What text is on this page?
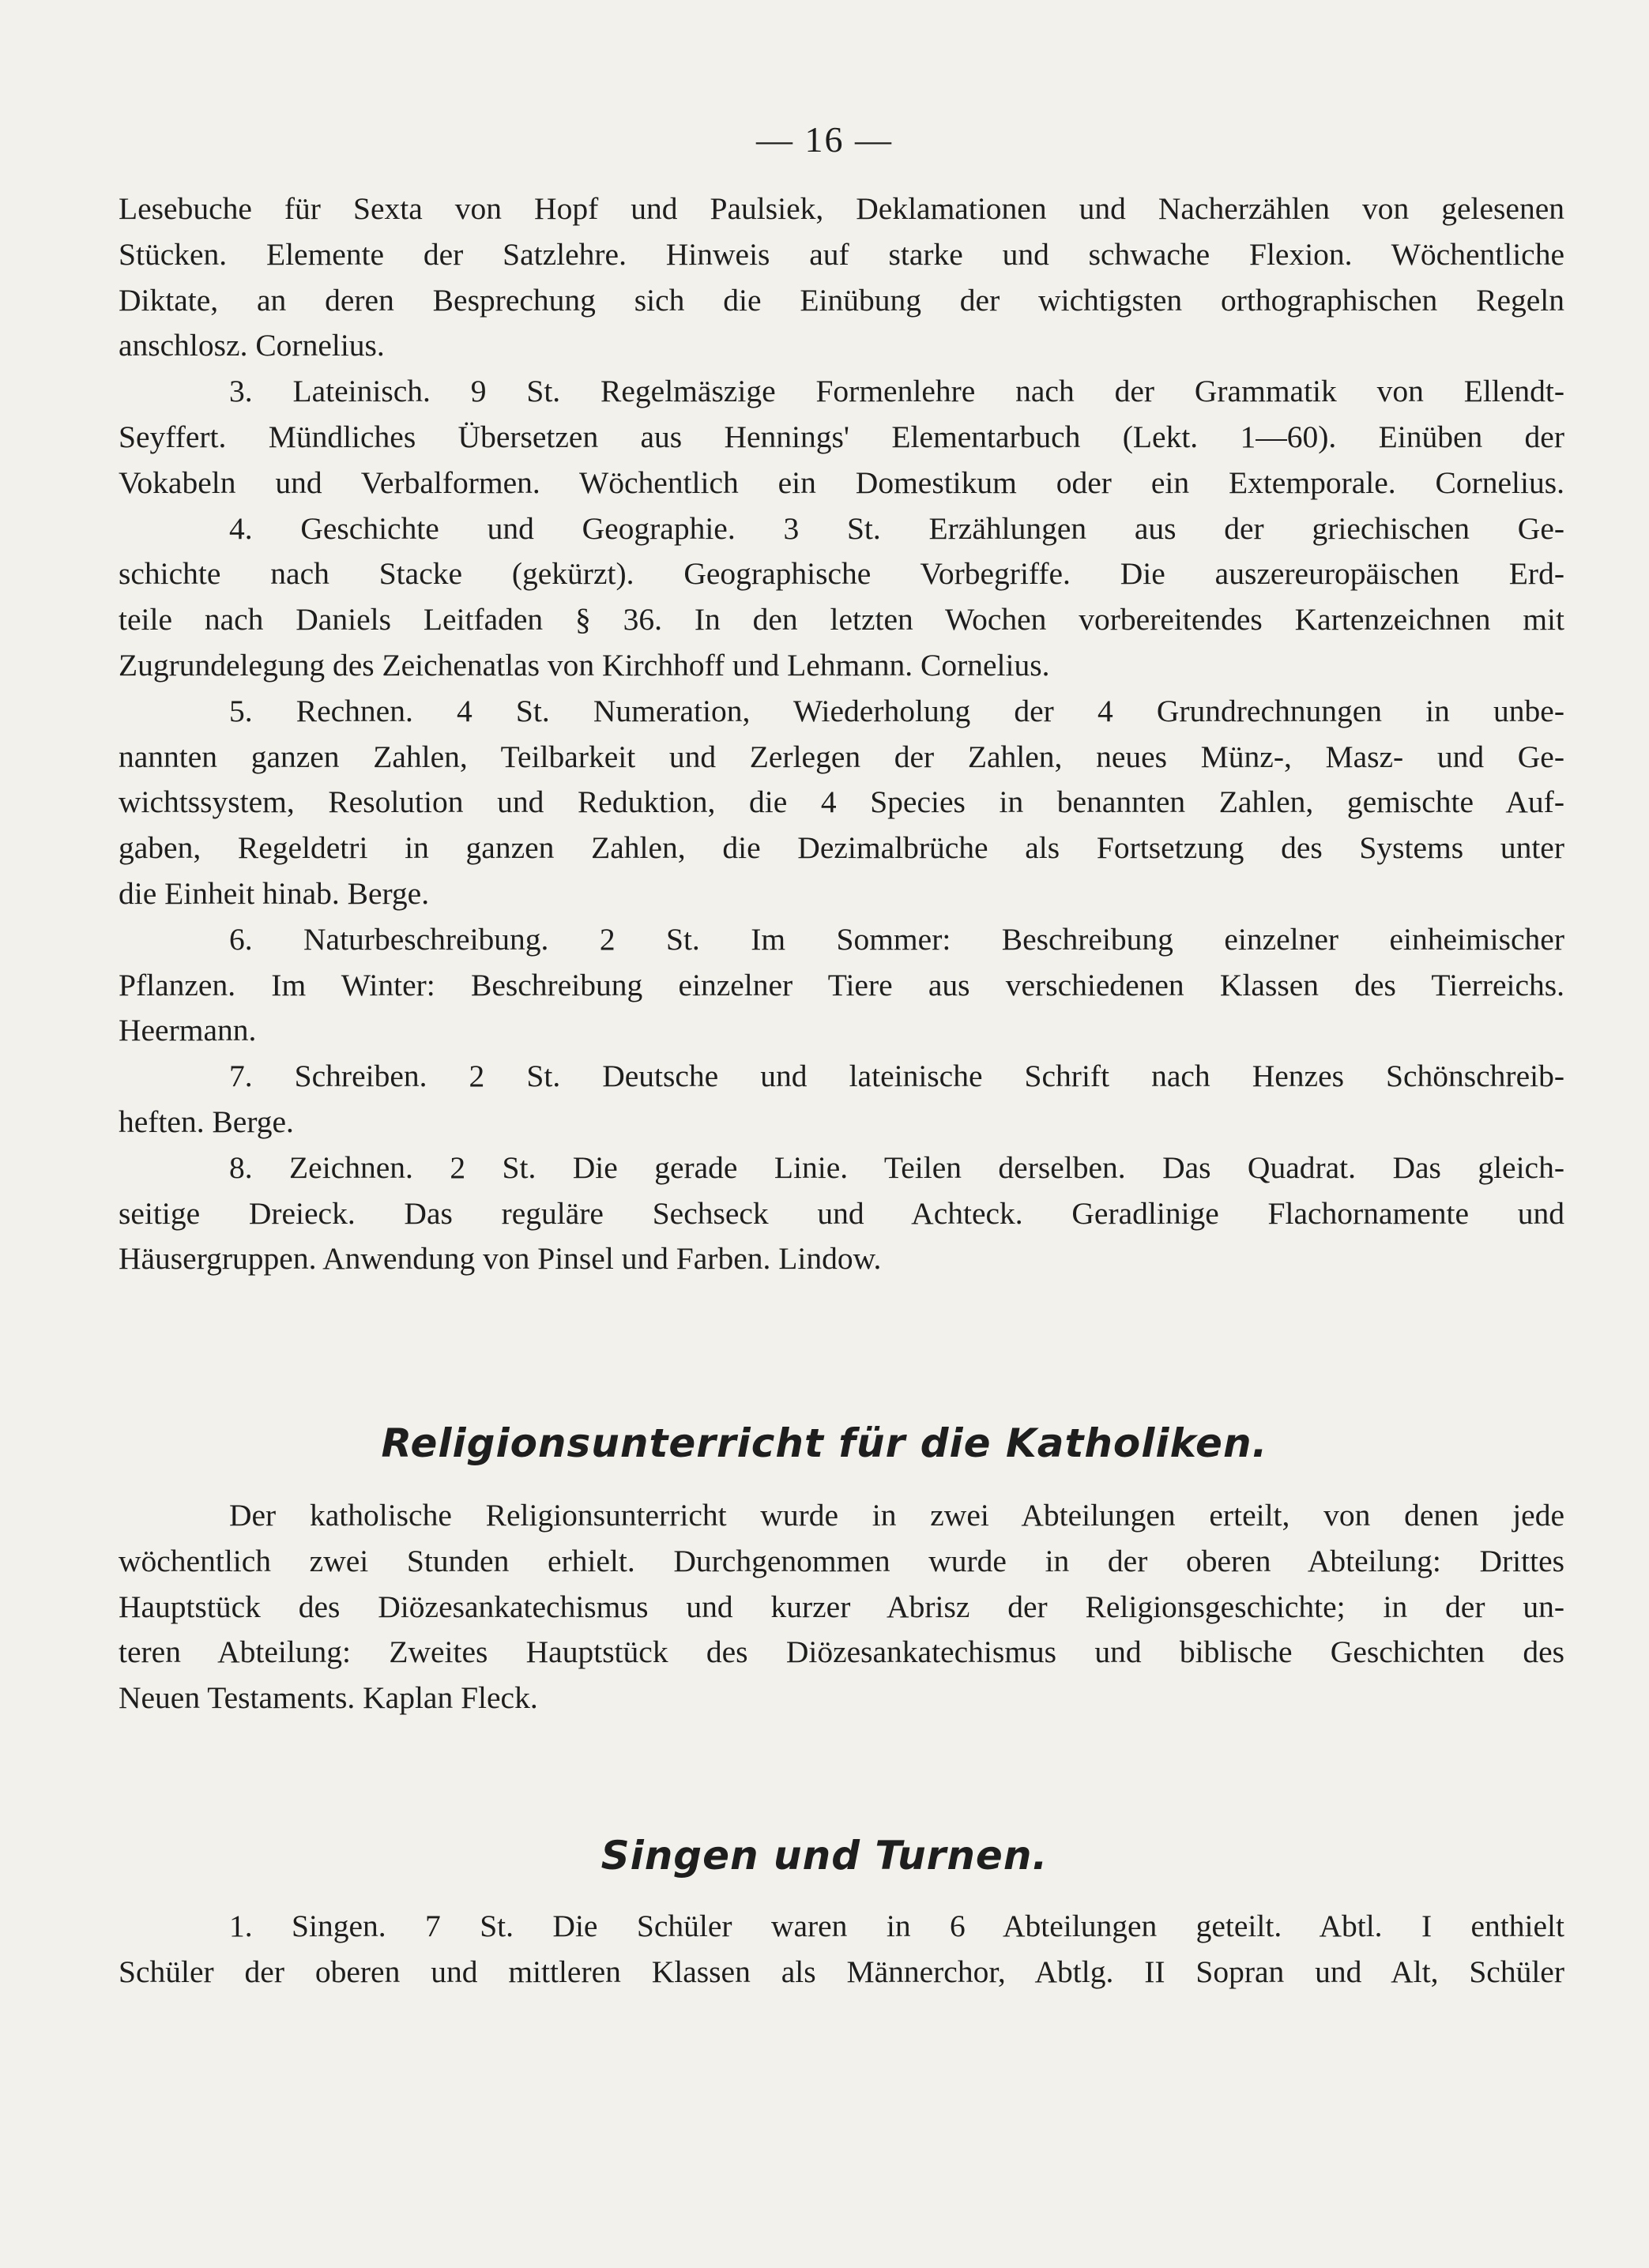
— 16 —
Lesebuche für Sexta von Hopf und Paulsiek, Deklamationen und Nacherzählen von gelesenen
Stücken. Elemente der Satzlehre. Hinweis auf starke und schwache Flexion. Wöchentliche
Diktate, an deren Besprechung sich die Einübung der wichtigsten orthographischen Regeln
anschlosz. Cornelius.
3. Lateinisch. 9 St. Regelmäszige Formenlehre nach der Grammatik von Ellendt-
Seyffert. Mündliches Übersetzen aus Hennings' Elementarbuch (Lekt. 1—60). Einüben der
Vokabeln und Verbalformen. Wöchentlich ein Domestikum oder ein Extemporale. Cornelius.
4. Geschichte und Geographie. 3 St. Erzählungen aus der griechischen Ge-
schichte nach Stacke (gekürzt). Geographische Vorbegriffe. Die auszereuropäischen Erd-
teile nach Daniels Leitfaden § 36. In den letzten Wochen vorbereitendes Kartenzeichnen mit
Zugrundelegung des Zeichenatlas von Kirchhoff und Lehmann. Cornelius.
5. Rechnen. 4 St. Numeration, Wiederholung der 4 Grundrechnungen in unbe-
nannten ganzen Zahlen, Teilbarkeit und Zerlegen der Zahlen, neues Münz-, Masz- und Ge-
wichtssystem, Resolution und Reduktion, die 4 Species in benannten Zahlen, gemischte Auf-
gaben, Regeldetri in ganzen Zahlen, die Dezimalbrüche als Fortsetzung des Systems unter
die Einheit hinab. Berge.
6. Naturbeschreibung. 2 St. Im Sommer: Beschreibung einzelner einheimischer
Pflanzen. Im Winter: Beschreibung einzelner Tiere aus verschiedenen Klassen des Tierreichs.
Heermann.
7. Schreiben. 2 St. Deutsche und lateinische Schrift nach Henzes Schönschreib-
heften. Berge.
8. Zeichnen. 2 St. Die gerade Linie. Teilen derselben. Das Quadrat. Das gleich-
seitige Dreieck. Das reguläre Sechseck und Achteck. Geradlinige Flachornamente und
Häusergruppen. Anwendung von Pinsel und Farben. Lindow.
Religionsunterricht für die Katholiken.
Der katholische Religionsunterricht wurde in zwei Abteilungen erteilt, von denen jede
wöchentlich zwei Stunden erhielt. Durchgenommen wurde in der oberen Abteilung: Drittes
Hauptstück des Diözesankatechismus und kurzer Abrisz der Religionsgeschichte; in der un-
teren Abteilung: Zweites Hauptstück des Diözesankatechismus und biblische Geschichten des
Neuen Testaments. Kaplan Fleck.
Singen und Turnen.
1. Singen. 7 St. Die Schüler waren in 6 Abteilungen geteilt. Abtl. I enthielt
Schüler der oberen und mittleren Klassen als Männerchor, Abtlg. II Sopran und Alt, Schüler
